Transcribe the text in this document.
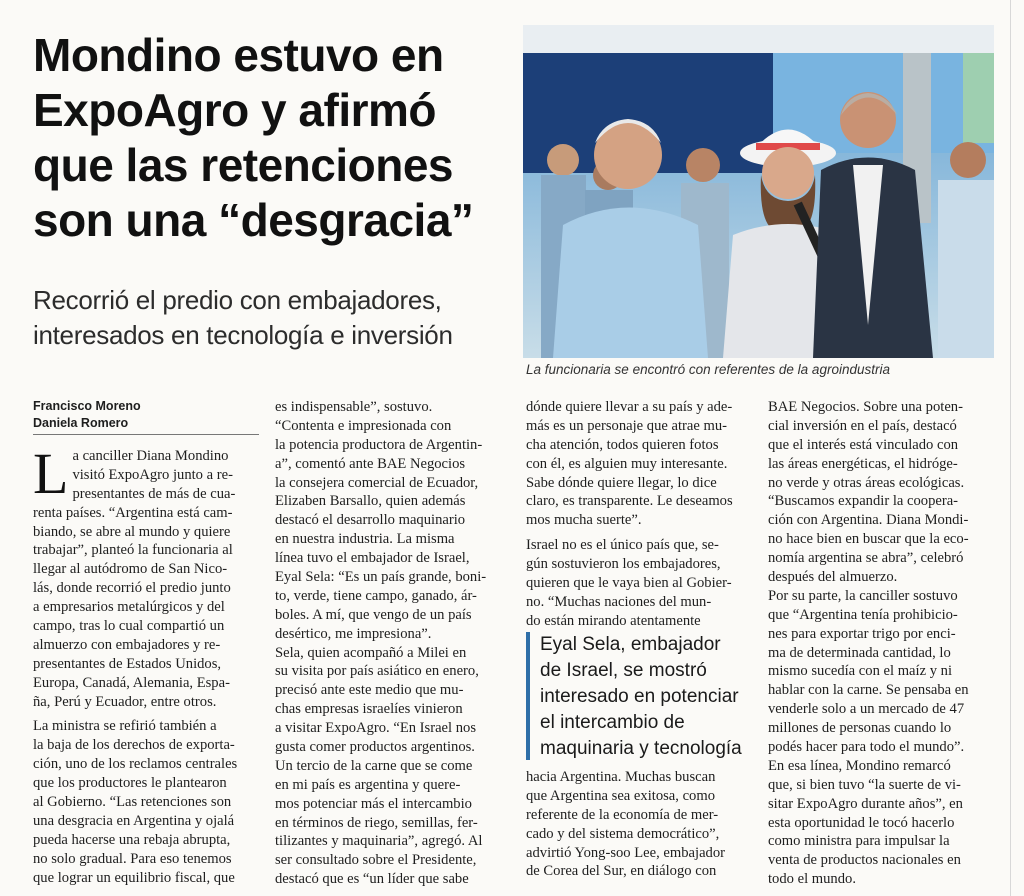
Mondino estuvo en
ExpoAgro y afirmó
que las retenciones
son una “desgracia”
Recorrió el predio con embajadores,
interesados en tecnología e inversión
La funcionaria se encontró con referentes de la agroindustria
Francisco Moreno
Daniela Romero
L a canciller Diana Mondino
visitó ExpoAgro junto a re-
presentantes de más de cua-
renta países. “Argentina está cam-
biando, se abre al mundo y quiere
trabajar”, planteó la funcionaria al
llegar al autódromo de San Nico-
lás, donde recorrió el predio junto
a empresarios metalúrgicos y del
campo, tras lo cual compartió un
almuerzo con embajadores y re-
presentantes de Estados Unidos,
Europa, Canadá, Alemania, Espa-
ña, Perú y Ecuador, entre otros.

La ministra se refirió también a
la baja de los derechos de exporta-
ción, uno de los reclamos centrales
que los productores le plantearon
al Gobierno. “Las retenciones son
una desgracia en Argentina y ojalá
pueda hacerse una rebaja abrupta,
no solo gradual. Para eso tenemos
que lograr un equilibrio fiscal, que
es indispensable”, sostuvo.
“Contenta e impresionada con
la potencia productora de Argentin-
a”, comentó ante BAE Negocios
la consejera comercial de Ecuador,
Elizaben Barsallo, quien además
destacó el desarrollo maquinario
en nuestra industria. La misma
línea tuvo el embajador de Israel,
Eyal Sela: “Es un país grande, boni-
to, verde, tiene campo, ganado, ár-
boles. A mí, que vengo de un país
desértico, me impresiona”.
Sela, quien acompañó a Milei en
su visita por país asiático en enero,
precisó ante este medio que mu-
chas empresas israelíes vinieron
a visitar ExpoAgro. “En Israel nos
gusta comer productos argentinos.
Un tercio de la carne que se come
en mi país es argentina y quere-
mos potenciar más el intercambio
en términos de riego, semillas, fer-
tilizantes y maquinaria”, agregó. Al
ser consultado sobre el Presidente,
destacó que es “un líder que sabe
dónde quiere llevar a su país y ade-
más es un personaje que atrae mu-
cha atención, todos quieren fotos
con él, es alguien muy interesante.
Sabe dónde quiere llegar, lo dice
claro, es transparente. Le deseamos
mos mucha suerte”.

Israel no es el único país que, se-
gún sostuvieron los embajadores,
quieren que le vaya bien al Gobier-
no. “Muchas naciones del mun-
do están mirando atentamente
Eyal Sela, embajador
de Israel, se mostró
interesado en potenciar
el intercambio de
maquinaria y tecnología
hacia Argentina. Muchas buscan
que Argentina sea exitosa, como
referente de la economía de mer-
cado y del sistema democrático”,
advirtió Yong-soo Lee, embajador
de Corea del Sur, en diálogo con
BAE Negocios. Sobre una poten-
cial inversión en el país, destacó
que el interés está vinculado con
las áreas energéticas, el hidróge-
no verde y otras áreas ecológicas.
“Buscamos expandir la coopera-
ción con Argentina. Diana Mondi-
no hace bien en buscar que la eco-
nomía argentina se abra”, celebró
después del almuerzo.
Por su parte, la canciller sostuvo
que “Argentina tenía prohibicio-
nes para exportar trigo por enci-
ma de determinada cantidad, lo
mismo sucedía con el maíz y ni
hablar con la carne. Se pensaba en
venderle solo a un mercado de 47
millones de personas cuando lo
podés hacer para todo el mundo”.
En esa línea, Mondino remarcó
que, si bien tuvo “la suerte de vi-
sitar ExpoAgro durante años”, en
esta oportunidad le tocó hacerlo
como ministra para impulsar la
venta de productos nacionales en
todo el mundo.
